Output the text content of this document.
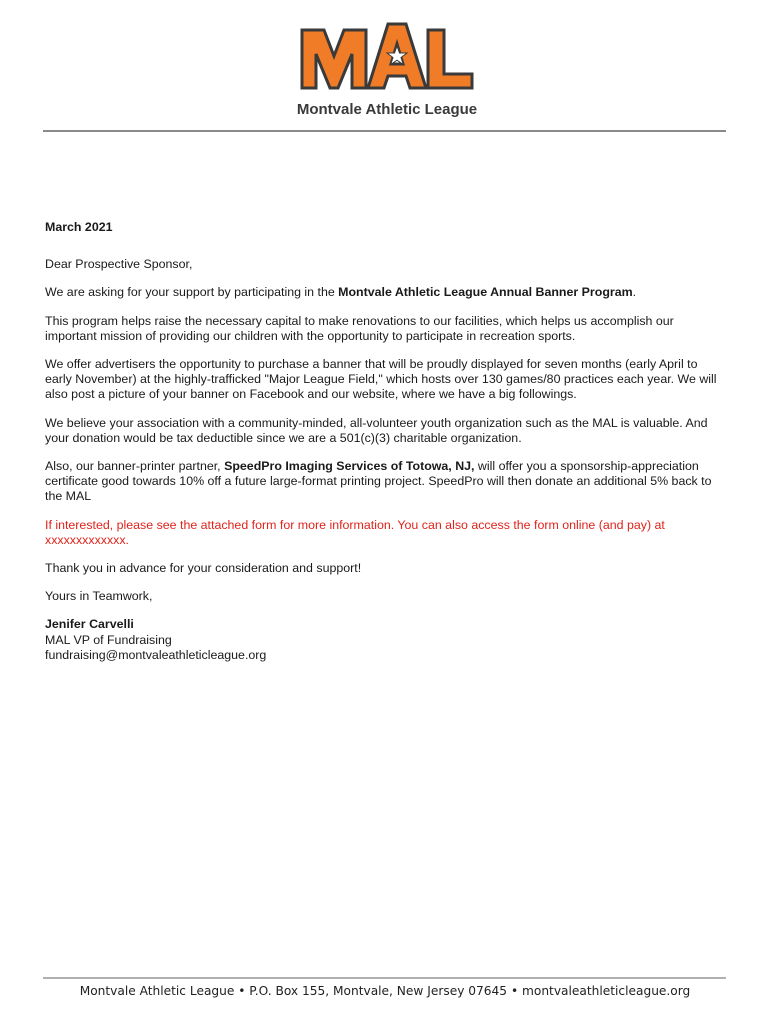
Montvale Athletic League

March 2021

Dear Prospective Sponsor,

We are asking for your support by participating in the Montvale Athletic League Annual Banner Program.

This program helps raise the necessary capital to make renovations to our facilities, which helps us accomplish our important mission of providing our children with the opportunity to participate in recreation sports.

We offer advertisers the opportunity to purchase a banner that will be proudly displayed for seven months (early April to early November) at the highly-trafficked "Major League Field," which hosts over 130 games/80 practices each year. We will also post a picture of your banner on Facebook and our website, where we have a big followings.

We believe your association with a community-minded, all-volunteer youth organization such as the MAL is valuable. And your donation would be tax deductible since we are a 501(c)(3) charitable organization.

Also, our banner-printer partner, SpeedPro Imaging Services of Totowa, NJ, will offer you a sponsorship-appreciation certificate good towards 10% off a future large-format printing project. SpeedPro will then donate an additional 5% back to the MAL

If interested, please see the attached form for more information. You can also access the form online (and pay) at xxxxxxxxxxxxx.

Thank you in advance for your consideration and support!

Yours in Teamwork,

Jenifer Carvelli
MAL VP of Fundraising
fundraising@montvaleathleticleague.org
Montvale Athletic League • P.O. Box 155, Montvale, New Jersey 07645 • montvaleathleticleague.org
